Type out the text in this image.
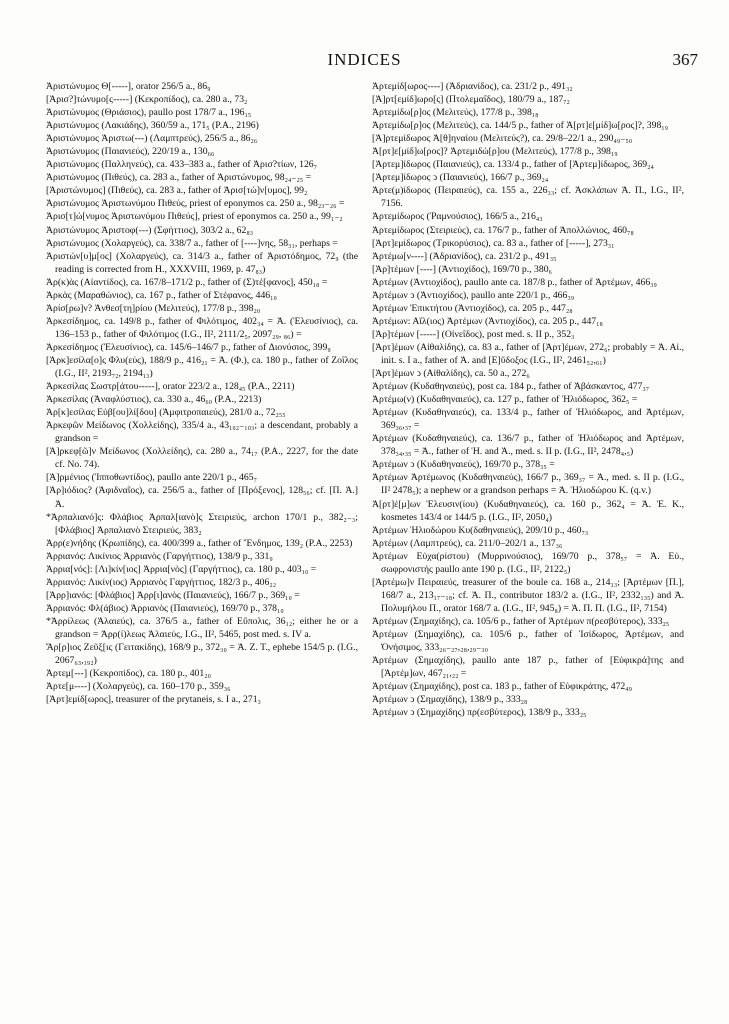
INDICES	367
Ἀριστώνυμος Θ[-----], orator 256/5 a., 86₉
[Ἀρισ?]τώνυμο[ς-----] (Κεκροπίδος), ca. 280 a., 73₂
Ἀριστώνυμος (Θριάσιος), paullo post 178/7 a., 196₁₅
Ἀριστώνυμος (Λακιάδης), 360/59 a., 171₅ (P.A., 2196)
Ἀριστώνυμος Ἀριστω(---) (Λαμπτρεύς), 256/5 a., 86₂₆
Ἀριστώνυμος (Παιανιεύς), 220/19 a., 130₆₆
Ἀριστώνυμος (Παλληνεύς), ca. 433–383 a., father of Ἀρισ?τίων, 126₇
Ἀριστώνυμος (Πιθεύς), ca. 283 a., father of Ἀριστώνυμος, 98₂₄₋₂₅ =
[Ἀριστώνυμος] (Πιθεύς), ca. 283 a., father of Ἀρισ[τώ]ν[υμος], 99₂
Ἀριστώνυμος Ἀριστωνύμου Πιθεύς, priest of eponymos ca. 250 a., 98₂₃₋₂₆ =
Ἀρισ[τ]ώ[νυμος Ἀριστωνύμου Πιθεύς], priest of eponymos ca. 250 a., 99₁₋₂
Ἀριστώνυμος Ἀριστοφ(---) (Σφήττιος), 303/2 a., 62₈₃
Ἀριστώνυμος (Χολαργεύς), ca. 338/7 a., father of [----]νης, 58₃₁, perhaps =
Ἀριστών[υ]μ[ος] (Χολαργεύς), ca. 314/3 a., father of Ἀριστόδημος, 72₉ (the reading is corrected from H., XXXVIII, 1969, p. 47₈₃)
Ἀρ(κ)ὰς (Αἰαντίδος), ca. 167/8–171/2 p., father of (Σ)τέ[φανος], 450₁₈ =
Ἀρκὰς (Μαραθώνιος), ca. 167 p., father of Στέφανος, 446₁₀
Ἀρίσ[ρω]ν? Ἀνθεσ[τη]ρίου (Μελιτεύς), 177/8 p., 398₂₀
Ἀρκεσίδημος, ca. 149/8 p., father of Φιλότιμος, 402₃₄ = Ἀ. (Ἐλευσίνιος), ca. 136–153 p., father of Φιλότιμος (I.G., II², 2111/2₅, 2097₂₉, ₈₆) =
Ἀρκεσίδημος (Ἐλευσίνιος), ca. 145/6–146/7 p., father of Διονύσιος, 399₉
[Ἀρκ]εσίλα[ο]ς Φλυ(εύς), 188/9 p., 416₂₁ = Ἀ. (Φ.), ca. 180 p., father of Ζοΐλος (I.G., II², 2193₇₂, 2194₁₃)
Ἀρκεσίλας Σωστρ[άτου-----], orator 223/2 a., 128₄₅ (P.A., 2211)
Ἀρκεσίλας (Ἀναφλύστιος), ca. 330 a., 46₆₀ (P.A., 2213)
Ἀρ[κ]εσίλας Εὐβ[ου]λί[δου] (Ἀμφιτροπαιεύς), 281/0 a., 72₂₅₅
Ἀρκεφῶν Μείδωνος (Χολλείδης), 335/4 a., 43₁₀₂₋₁₀₃; a descendant, probably a grandson =
[Ἀ]ρκεφ[ῶ]ν Μείδωνος (Χολλείδης), ca. 280 a., 74₁₇ (P.A., 2227, for the date cf. No. 74).
[Ἀ]ρμένιος (Ἱπποθωντίδος), paullo ante 220/1 p., 465₇
[Ἀρ]ιόδιος? (Ἀφιδναῖος), ca. 256/5 a., father of [Πρόξενος], 128₅₆; cf. [Π. Ἀ.] Ἀ.
*Ἀρπαλιανό]ς: Φλάβιος Ἀρπαλ[ιανὸ]ς Στειριεύς, archon 170/1 p., 382₂₋₃; [Φλάβιος] Ἀρπαλιανὸ Στειριεύς, 383₂
Ἀρρ(ε)νήδης (Κρωπίδης), ca. 400/399 a., father of Ἔνδημος, 139₂ (P.A., 2253)
Ἀρριανός: Λικίνιος Ἀρριανὸς (Γαργήττιος), 138/9 p., 331₉
Ἀρρια[νός]: [Λι]κίν[ιος] Ἀρρια[νὸς] (Γαργήττιος), ca. 180 p., 403₁₀ =
Ἀρριανός: Λικίν(ιος) Ἀρριανὸς Γαργήττιος, 182/3 p., 406₂₂
[Ἀρρ]ιανός: [Φλάβιος] Ἀρρ[ι]ανὸς (Παιανιεύς), 166/7 p., 369₁₀ =
Ἀρριανός: Φλ(άβιος) Ἀρριανὸς (Παιανιεύς), 169/70 p., 378₁₀
*Ἀρρίλεως (Ἁλαιεύς), ca. 376/5 a., father of Εὔπολις, 36₁₂; either he or a grandson = Ἀρρ(ί)λεως Ἁλαιεύς, I.G., II², 5465, post med. s. IV a.
Ἄρ[ρ]ιος Ζεῦξ[ις (Γειτακίδης), 168/9 p., 372₃₀ = Ἀ. Ζ. Τ., ephebe 154/5 p. (I.G., 2067₆₃,₁₉₂)
Ἀρτεμ[---] (Κεκροπίδος), ca. 180 p., 401₂₀
Ἀρτε[μ----] (Χολαργεύς), ca. 160–170 p., 359₃₆
[Ἀρτ]εμίδ[ωρος], treasurer of the prytaneis, s. I a., 271₃
Ἀρτεμίδ[ωρος----] (Ἀδριανίδος), ca. 231/2 p., 491₃₂
[Ἀ]ρτ[εμίδ]ωρο[ς] (Πτολεμαΐδος), 180/79 a., 187₇₂
Ἀρτεμίδω[ρ]ος (Μελιτεύς), 177/8 p., 398₁₈
Ἀρτεμίδω[ρ]ος (Μελιτεύς), ca. 144/5 p., father of Ἀ[ρτ]ε[μίδ]ω[ρος]?, 398₁₉
[Ἀ]ρτεμίδωρος Ἀ[θ]ηναίου (Μελιτεύς?), ca. 29/8–22/1 a., 290₄₉₋₅₀
Ἀ[ρτ]ε[μίδ]ω[ρος]? Ἀρτεμιδώ[ρ]ου (Μελιτεύς), 177/8 p., 398₁₉
[Ἀρτεμ]ίδωρος (Παιανιεύς), ca. 133/4 p., father of [Ἀρτεμ]ίδωρος, 369₂₄
[Ἀρτεμ]ίδωρος ↄ (Παιανιεύς), 166/7 p., 369₂₄
Ἀρτε(μ)ίδωρος (Πειραιεύς), ca. 155 a., 226₃₃; cf. Ἀσκλάπων Ἀ. Π., I.G., II², 7156.
Ἀρτεμίδωρος (Ῥαμνούσιος), 166/5 a., 216₄₃
Ἀρτεμίδωρος (Στειριεύς), ca. 176/7 p., father of Ἀπολλώνιος, 460₇₈
[Ἀρτ]εμίδωρος (Τρικορύσιος), ca. 83 a., father of [-----], 273₃₁
Ἀρτέμω[ν----] (Ἀδριανίδος), ca. 231/2 p., 491₃₅
[Ἀρ]τέμων [----] (Ἀντιοχίδος), 169/70 p., 380₆
Ἀρτέμων (Ἀντιοχίδος), paullo ante ca. 187/8 p., father of Ἀρτέμων, 466₃₉
Ἀρτέμων ↄ (Ἀντιοχίδος), paullo ante 220/1 p., 466₃₉
Ἀρτέμων Ἐπικτήτου (Ἀντιοχίδος), ca. 205 p., 447₂₈
Ἀρτέμων: Αἴλ(ιος) Ἀρτέμων (Ἀντιοχίδος), ca. 205 p., 447₁₈
[Ἀρ]τέμων [-----] (Οἰνεΐδος), post med. s. II p., 352₃
[Ἀρτ]έμων (Αἰθαλίδης), ca. 83 a., father of [Ἀρτ]έμων, 272₆; probably = Ἀ. Αἰ., init. s. I a., father of Ἀ. and [Ε]ὔδοξος (I.G., II², 2461₅₂,₆₁)
[Ἀρτ]έμων ↄ (Αἰθαλίδης), ca. 50 a., 272₆
Ἀρτέμων (Κυδαθηναιεύς), post ca. 184 p., father of Ἀβάσκαντος, 477₃₇
Ἀρτέμω(ν) (Κυδαθηναιεύς), ca. 127 p., father of Ἡλιόδωρος, 362₅ =
Ἀρτέμων (Κυδαθηναιεύς), ca. 133/4 p., father of Ἡλιόδωρος, and Ἀρτέμων, 369₃₆,₃₇ =
Ἀρτέμων (Κυδαθηναιεύς), ca. 136/7 p., father of Ἡλιόδωρος and Ἀρτέμων, 378₃₄,₃₅ = Ἀ., father of Ἡ. and Ἀ., med. s. II p. (I.G., II², 2478₄,₅)
Ἀρτέμων ↄ (Κυδαθηναιεύς), 169/70 p., 378₃₅ =
Ἀρτέμων Ἀρτέμωνος (Κυδαθηναιεύς), 166/7 p., 369₃₇ = Ἀ., med. s. II p. (I.G., II² 2478₅); a nephew or a grandson perhaps = Ἀ. Ἡλιοδώρου Κ. (q.v.)
Ἀ[ρτ]έ[μ]ων Ἐλευσιν(ίου) (Κυδαθηναιεύς), ca. 160 p., 362₄ = Ἀ. Ἐ. Κ., kosmetes 143/4 or 144/5 p. (I.G., II², 2050₄)
Ἀρτέμων Ἡλιοδώρου Κυ(δαθηναιεύς), 209/10 p., 460₇₃
Ἀρτέμων (Λαμπτρεύς), ca. 211/0–202/1 a., 137₃₆
Ἀρτέμων Εὐχα(ρίστου) (Μυρρινούσιος), 169/70 p., 378₅₇ = Ἀ. Εὐ., σωφρονιστής paullo ante 190 p. (I.G., II², 2122₅)
[Ἀρτέμω]ν Πειραιεύς, treasurer of the boule ca. 168 a., 214₁₃; [Ἀρτέμων [Π.], 168/7 a., 213₁₇₋₁₈; cf. Ἀ. Π., contributor 183/2 a. (I.G., II², 2332₁₃₅) and Ἀ. Πολυμήλου Π., orator 168/7 a. (I.G., II², 945₈) = Ἀ. Π. Π. (I.G., II², 7154)
Ἀρτέμων (Σημαχίδης), ca. 105/6 p., father of Ἀρτέμων π(ρεσβύτερος), 333₂₅
Ἀρτέμων (Σημαχίδης), ca. 105/6 p., father of Ἰσίδωρος, Ἀρτέμων, and Ὀνήσιμος, 333₂₆₋₂₇,₂₈,₂₉₋₃₀
Ἀρτέμων (Σημαχίδης), paullo ante 187 p., father of [Εὐφικρά]της and [Ἀρτέμ]ων, 467₂₁,₂₂ =
Ἀρτέμων (Σημαχίδης), post ca. 183 p., father of Εὐφικράτης, 472₄₉
Ἀρτέμων ↄ (Σημαχίδης), 138/9 p., 333₂₈
Ἀρτέμων ↄ (Σημαχίδης) πρ(εσβύτερος), 138/9 p., 333₂₅
